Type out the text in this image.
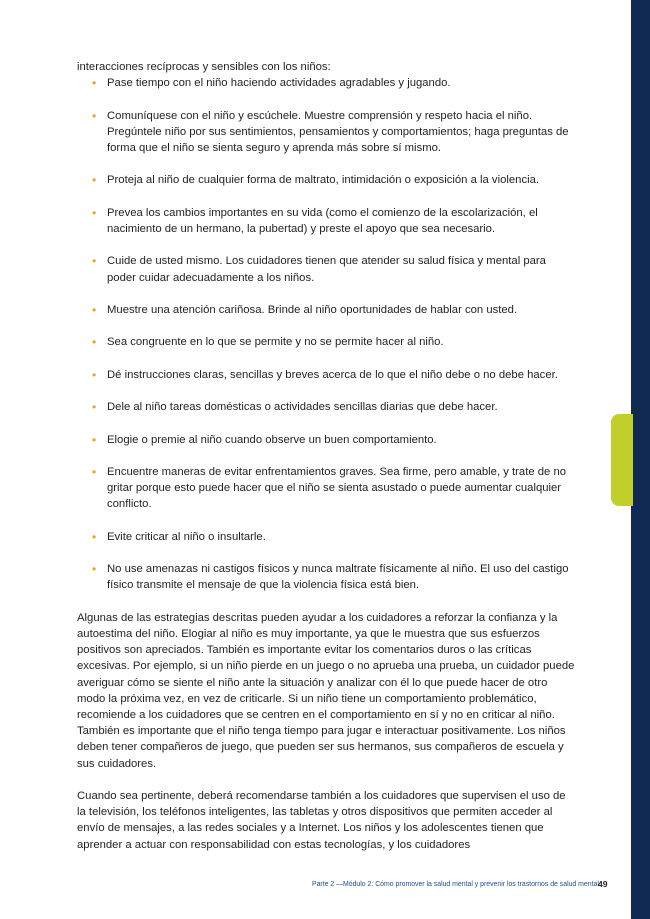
interacciones recíprocas y sensibles con los niños:

• Pase tiempo con el niño haciendo actividades agradables y jugando.
• Comuníquese con el niño y escúchele. Muestre comprensión y respeto hacia el niño. Pregúntele niño por sus sentimientos, pensamientos y comportamientos; haga preguntas de forma que el niño se sienta seguro y aprenda más sobre sí mismo.
• Proteja al niño de cualquier forma de maltrato, intimidación o exposición a la violencia.
• Prevea los cambios importantes en su vida (como el comienzo de la escolarización, el nacimiento de un hermano, la pubertad) y preste el apoyo que sea necesario.
• Cuide de usted mismo. Los cuidadores tienen que atender su salud física y mental para poder cuidar adecuadamente a los niños.
• Muestre una atención cariñosa. Brinde al niño oportunidades de hablar con usted.
• Sea congruente en lo que se permite y no se permite hacer al niño.
• Dé instrucciones claras, sencillas y breves acerca de lo que el niño debe o no debe hacer.
• Dele al niño tareas domésticas o actividades sencillas diarias que debe hacer.
• Elogie o premie al niño cuando observe un buen comportamiento.
• Encuentre maneras de evitar enfrentamientos graves. Sea firme, pero amable, y trate de no gritar porque esto puede hacer que el niño se sienta asustado o puede aumentar cualquier conflicto.
• Evite criticar al niño o insultarle.
• No use amenazas ni castigos físicos y nunca maltrate físicamente al niño. El uso del castigo físico transmite el mensaje de que la violencia física está bien.

Algunas de las estrategias descritas pueden ayudar a los cuidadores a reforzar la confianza y la autoestima del niño. Elogiar al niño es muy importante, ya que le muestra que sus esfuerzos positivos son apreciados. También es importante evitar los comentarios duros o las críticas excesivas. Por ejemplo, si un niño pierde en un juego o no aprueba una prueba, un cuidador puede averiguar cómo se siente el niño ante la situación y analizar con él lo que puede hacer de otro modo la próxima vez, en vez de criticarle. Si un niño tiene un comportamiento problemático, recomiende a los cuidadores que se centren en el comportamiento en sí y no en criticar al niño. También es importante que el niño tenga tiempo para jugar e interactuar positivamente. Los niños deben tener compañeros de juego, que pueden ser sus hermanos, sus compañeros de escuela y sus cuidadores.

Cuando sea pertinente, deberá recomendarse también a los cuidadores que supervisen el uso de la televisión, los teléfonos inteligentes, las tabletas y otros dispositivos que permiten acceder al envío de mensajes, a las redes sociales y a Internet. Los niños y los adolescentes tienen que aprender a actuar con responsabilidad con estas tecnologías, y los cuidadores

Parte 2 —Módulo 2: Cómo promover la salud mental y prevenir los trastornos de salud mental 49
